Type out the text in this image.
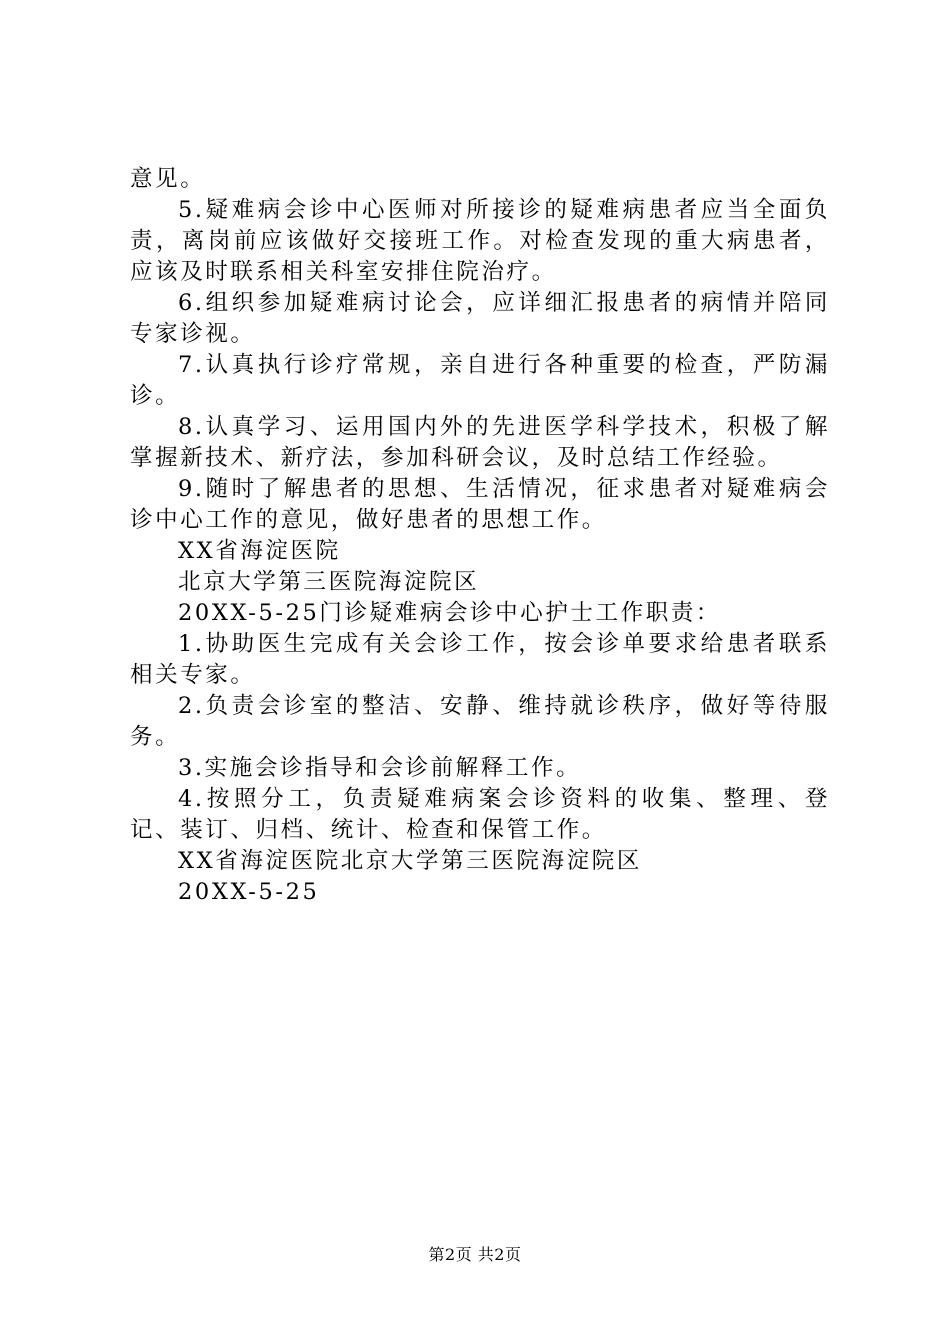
意见。

5.疑难病会诊中心医师对所接诊的疑难病患者应当全面负责，离岗前应该做好交接班工作。对检查发现的重大病患者，应该及时联系相关科室安排住院治疗。

6.组织参加疑难病讨论会，应详细汇报患者的病情并陪同专家诊视。

7.认真执行诊疗常规，亲自进行各种重要的检查，严防漏诊。

8.认真学习、运用国内外的先进医学科学技术，积极了解掌握新技术、新疗法，参加科研会议，及时总结工作经验。

9.随时了解患者的思想、生活情况，征求患者对疑难病会诊中心工作的意见，做好患者的思想工作。

XX省海淀医院

北京大学第三医院海淀院区

20XX-5-25门诊疑难病会诊中心护士工作职责：

1.协助医生完成有关会诊工作，按会诊单要求给患者联系相关专家。

2.负责会诊室的整洁、安静、维持就诊秩序，做好等待服务。

3.实施会诊指导和会诊前解释工作。

4.按照分工，负责疑难病案会诊资料的收集、整理、登记、装订、归档、统计、检查和保管工作。

XX省海淀医院北京大学第三医院海淀院区

20XX-5-25

第2页 共2页
